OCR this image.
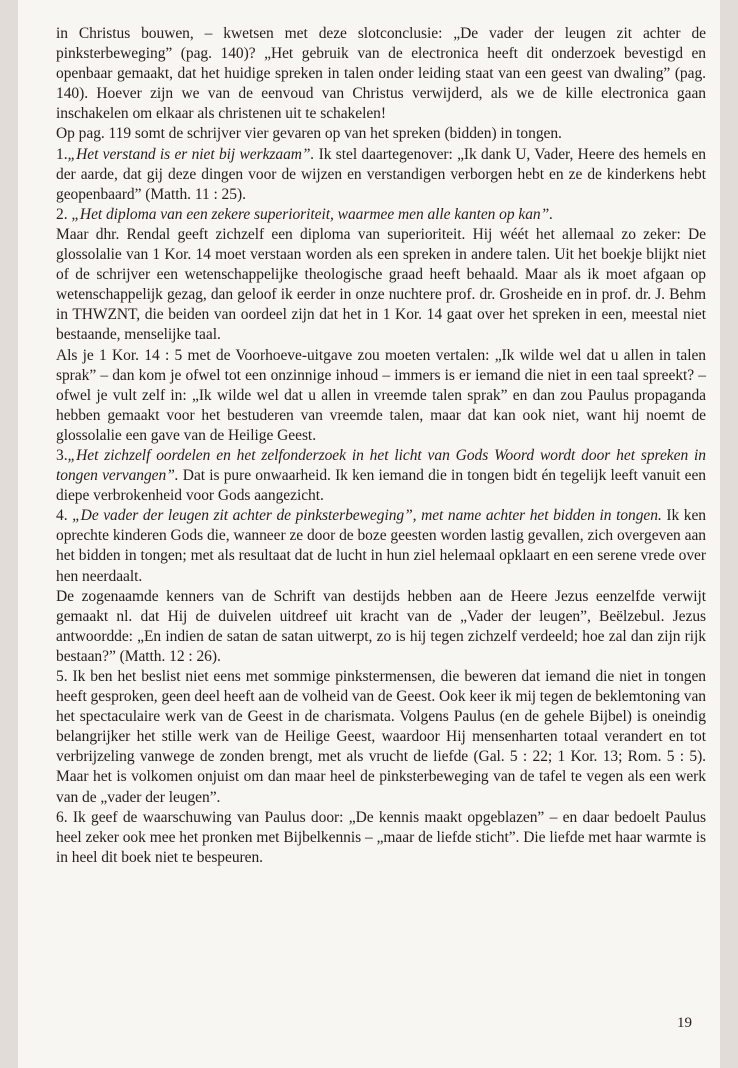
in Christus bouwen, – kwetsen met deze slotconclusie: „De vader der leugen zit achter de pinksterbeweging” (pag. 140)? „Het gebruik van de electronica heeft dit onderzoek bevestigd en openbaar gemaakt, dat het huidige spreken in talen onder leiding staat van een geest van dwaling” (pag. 140). Hoever zijn we van de eenvoud van Christus verwijderd, als we de kille electronica gaan inschakelen om elkaar als christenen uit te schakelen!

Op pag. 119 somt de schrijver vier gevaren op van het spreken (bidden) in tongen.

1.„Het verstand is er niet bij werkzaam”. Ik stel daartegenover: „Ik dank U, Vader, Heere des hemels en der aarde, dat gij deze dingen voor de wijzen en verstandigen verborgen hebt en ze de kinderkens hebt geopenbaard” (Matth. 11 : 25).

2. „Het diploma van een zekere superioriteit, waarmee men alle kanten op kan”.

Maar dhr. Rendal geeft zichzelf een diploma van superioriteit. Hij wéét het allemaal zo zeker: De glossolalie van 1 Kor. 14 moet verstaan worden als een spreken in andere talen. Uit het boekje blijkt niet of de schrijver een wetenschappelijke theologische graad heeft behaald. Maar als ik moet afgaan op wetenschappelijk gezag, dan geloof ik eerder in onze nuchtere prof. dr. Grosheide en in prof. dr. J. Behm in THWZNT, die beiden van oordeel zijn dat het in 1 Kor. 14 gaat over het spreken in een, meestal niet bestaande, menselijke taal.

Als je 1 Kor. 14 : 5 met de Voorhoeve-uitgave zou moeten vertalen: „Ik wilde wel dat u allen in talen sprak” – dan kom je ofwel tot een onzinnige inhoud – immers is er iemand die niet in een taal spreekt? – ofwel je vult zelf in: „Ik wilde wel dat u allen in vreemde talen sprak” en dan zou Paulus propaganda hebben gemaakt voor het bestuderen van vreemde talen, maar dat kan ook niet, want hij noemt de glossolalie een gave van de Heilige Geest.

3.„Het zichzelf oordelen en het zelfonderzoek in het licht van Gods Woord wordt door het spreken in tongen vervangen”. Dat is pure onwaarheid. Ik ken iemand die in tongen bidt én tegelijk leeft vanuit een diepe verbrokenheid voor Gods aangezicht.

4. „De vader der leugen zit achter de pinksterbeweging”, met name achter het bidden in tongen. Ik ken oprechte kinderen Gods die, wanneer ze door de boze geesten worden lastig gevallen, zich overgeven aan het bidden in tongen; met als resultaat dat de lucht in hun ziel helemaal opklaart en een serene vrede over hen neerdaalt.

De zogenaamde kenners van de Schrift van destijds hebben aan de Heere Jezus eenzelfde verwijt gemaakt nl. dat Hij de duivelen uitdreef uit kracht van de „Vader der leugen”, Beëlzebul. Jezus antwoordde: „En indien de satan de satan uitwerpt, zo is hij tegen zichzelf verdeeld; hoe zal dan zijn rijk bestaan?” (Matth. 12 : 26).

5. Ik ben het beslist niet eens met sommige pinkstermensen, die beweren dat iemand die niet in tongen heeft gesproken, geen deel heeft aan de volheid van de Geest. Ook keer ik mij tegen de beklemtoning van het spectaculaire werk van de Geest in de charismata. Volgens Paulus (en de gehele Bijbel) is oneindig belangrijker het stille werk van de Heilige Geest, waardoor Hij mensenharten totaal verandert en tot verbrijzeling vanwege de zonden brengt, met als vrucht de liefde (Gal. 5 : 22; 1 Kor. 13; Rom. 5 : 5). Maar het is volkomen onjuist om dan maar heel de pinksterbeweging van de tafel te vegen als een werk van de „vader der leugen”.

6. Ik geef de waarschuwing van Paulus door: „De kennis maakt opgeblazen” – en daar bedoelt Paulus heel zeker ook mee het pronken met Bijbelkennis – „maar de liefde sticht”. Die liefde met haar warmte is in heel dit boek niet te bespeuren.

19
